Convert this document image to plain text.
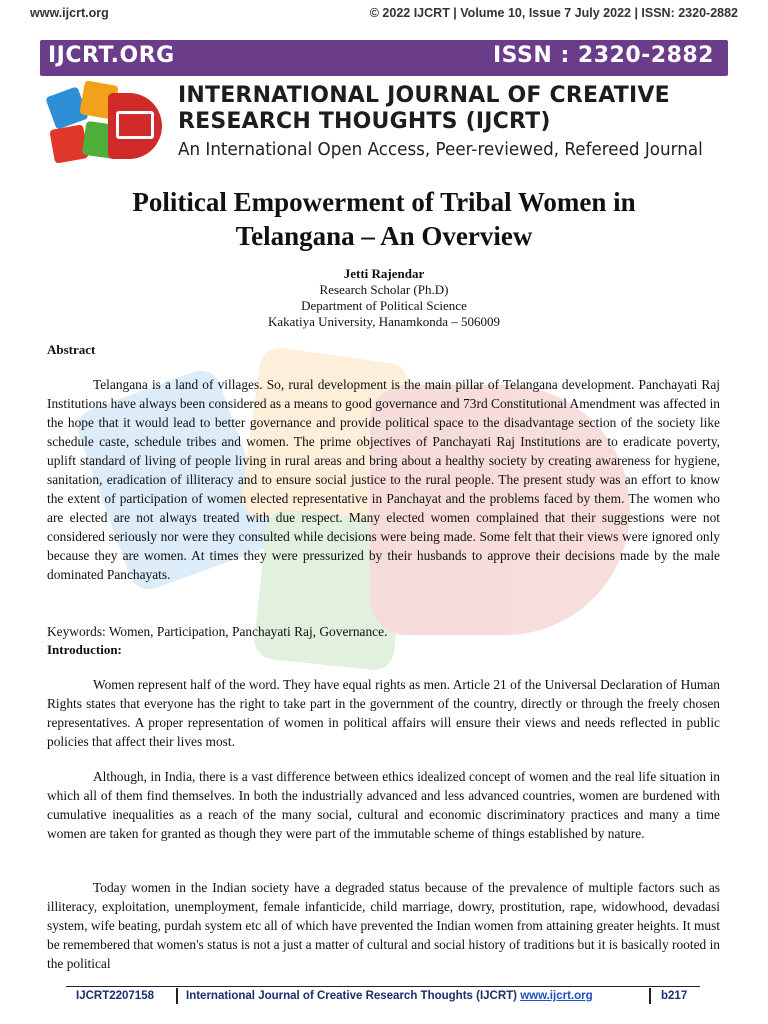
www.ijcrt.org	© 2022 IJCRT | Volume 10, Issue 7 July 2022 | ISSN: 2320-2882
IJCRT.ORG	ISSN : 2320-2882
INTERNATIONAL JOURNAL OF CREATIVE
RESEARCH THOUGHTS (IJCRT)
An International Open Access, Peer-reviewed, Refereed Journal
Political Empowerment of Tribal Women in
Telangana – An Overview
Jetti Rajendar
Research Scholar (Ph.D)
Department of Political Science
Kakatiya University, Hanamkonda – 506009
Abstract
Telangana is a land of villages. So, rural development is the main pillar of Telangana development. Panchayati Raj Institutions have always been considered as a means to good governance and 73rd Constitutional Amendment was affected in the hope that it would lead to better governance and provide political space to the disadvantage section of the society like schedule caste, schedule tribes and women. The prime objectives of Panchayati Raj Institutions are to eradicate poverty, uplift standard of living of people living in rural areas and bring about a healthy society by creating awareness for hygiene, sanitation, eradication of illiteracy and to ensure social justice to the rural people. The present study was an effort to know the extent of participation of women elected representative in Panchayat and the problems faced by them. The women who are elected are not always treated with due respect. Many elected women complained that their suggestions were not considered seriously nor were they consulted while decisions were being made. Some felt that their views were ignored only because they are women. At times they were pressurized by their husbands to approve their decisions made by the male dominated Panchayats.
Keywords: Women, Participation, Panchayati Raj, Governance.
Introduction:
Women represent half of the word. They have equal rights as men. Article 21 of the Universal Declaration of Human Rights states that everyone has the right to take part in the government of the country, directly or through the freely chosen representatives. A proper representation of women in political affairs will ensure their views and needs reflected in public policies that affect their lives most.
Although, in India, there is a vast difference between ethics idealized concept of women and the real life situation in which all of them find themselves. In both the industrially advanced and less advanced countries, women are burdened with cumulative inequalities as a reach of the many social, cultural and economic discriminatory practices and many a time women are taken for granted as though they were part of the immutable scheme of things established by nature.
Today women in the Indian society have a degraded status because of the prevalence of multiple factors such as illiteracy, exploitation, unemployment, female infanticide, child marriage, dowry, prostitution, rape, widowhood, devadasi system, wife beating, purdah system etc all of which have prevented the Indian women from attaining greater heights. It must be remembered that women's status is not a just a matter of cultural and social history of traditions but it is basically rooted in the political
IJCRT2207158	International Journal of Creative Research Thoughts (IJCRT) www.ijcrt.org	b217
